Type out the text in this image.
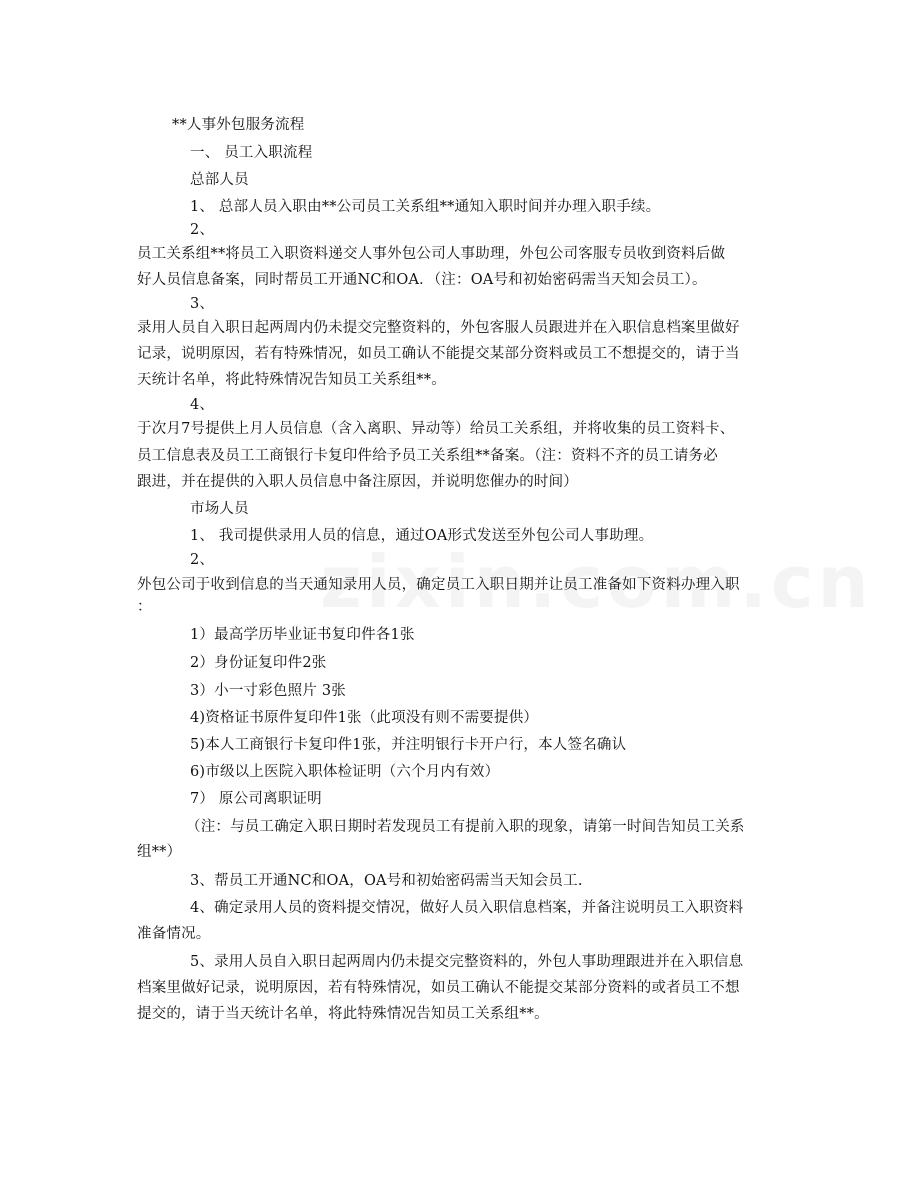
**人事外包服务流程
一、 员工入职流程
总部人员
1、 总部人员入职由**公司员工关系组**通知入职时间并办理入职手续。
2、
员工关系组**将员工入职资料递交人事外包公司人事助理，外包公司客服专员收到资料后做
好人员信息备案，同时帮员工开通NC和OA．（注：OA号和初始密码需当天知会员工）。
3、
录用人员自入职日起两周内仍未提交完整资料的，外包客服人员跟进并在入职信息档案里做好
记录，说明原因，若有特殊情况，如员工确认不能提交某部分资料或员工不想提交的，请于当
天统计名单，将此特殊情况告知员工关系组**。
4、
于次月7号提供上月人员信息（含入离职、异动等）给员工关系组，并将收集的员工资料卡、
员工信息表及员工工商银行卡复印件给予员工关系组**备案。（注：资料不齐的员工请务必
跟进，并在提供的入职人员信息中备注原因，并说明您催办的时间）
市场人员
1、 我司提供录用人员的信息，通过OA形式发送至外包公司人事助理。
2、
外包公司于收到信息的当天通知录用人员，确定员工入职日期并让员工准备如下资料办理入职
：
1）最高学历毕业证书复印件各1张
2）身份证复印件2张
3）小一寸彩色照片 3张
4)资格证书原件复印件1张（此项没有则不需要提供）
5)本人工商银行卡复印件1张，并注明银行卡开户行，本人签名确认
6)市级以上医院入职体检证明（六个月内有效）
7） 原公司离职证明
（注：与员工确定入职日期时若发现员工有提前入职的现象，请第一时间告知员工关系
组**）
3、帮员工开通NC和OA，OA号和初始密码需当天知会员工.
4、确定录用人员的资料提交情况，做好人员入职信息档案，并备注说明员工入职资料
准备情况。
5、录用人员自入职日起两周内仍未提交完整资料的，外包人事助理跟进并在入职信息
档案里做好记录，说明原因，若有特殊情况，如员工确认不能提交某部分资料的或者员工不想
提交的，请于当天统计名单，将此特殊情况告知员工关系组**。
